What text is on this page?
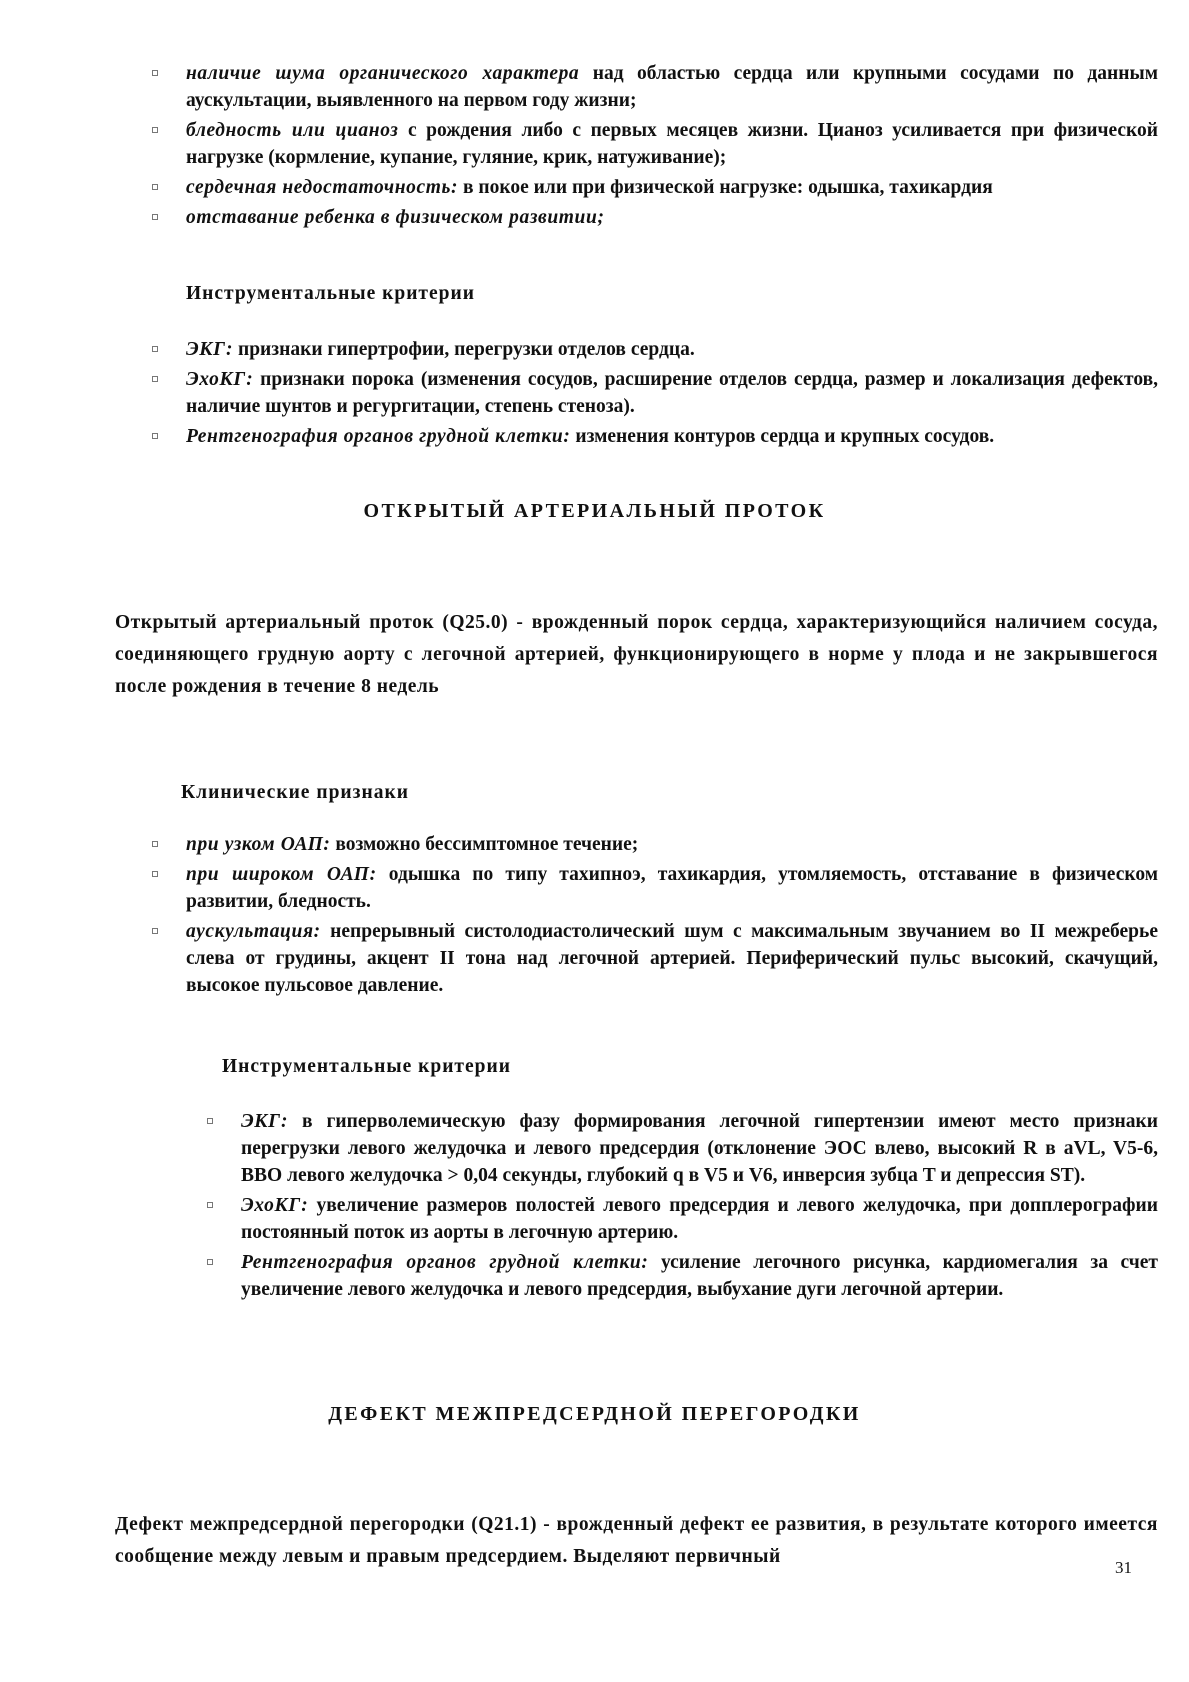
наличие шума органического характера над областью сердца или крупными сосудами по данным аускультации, выявленного на первом году жизни;
бледность или цианоз с рождения либо с первых месяцев жизни. Цианоз усиливается при физической нагрузке (кормление, купание, гуляние, крик, натуживание);
сердечная недостаточность: в покое или при физической нагрузке: одышка, тахикардия
отставание ребенка в физическом развитии;

Инструментальные критерии

ЭКГ: признаки гипертрофии, перегрузки отделов сердца.
ЭхоКГ: признаки порока (изменения сосудов, расширение отделов сердца, размер и локализация дефектов, наличие шунтов и регургитации, степень стеноза).
Рентгенография органов грудной клетки: изменения контуров сердца и крупных сосудов.
ОТКРЫТЫЙ АРТЕРИАЛЬНЫЙ ПРОТОК

Открытый артериальный проток (Q25.0) - врожденный порок сердца, характеризующийся наличием сосуда, соединяющего грудную аорту с легочной артерией, функционирующего в норме у плода и не закрывшегося после рождения в течение 8 недель

Клинические признаки

при узком ОАП: возможно бессимптомное течение;
при широком ОАП: одышка по типу тахипноэ, тахикардия, утомляемость, отставание в физическом развитии, бледность.
аускультация: непрерывный систолодиастолический шум с максимальным звучанием во II межреберье слева от грудины, акцент II тона над легочной артерией. Периферический пульс высокий, скачущий, высокое пульсовое давление.

Инструментальные критерии

ЭКГ: в гиперволемическую фазу формирования легочной гипертензии имеют место признаки перегрузки левого желудочка и левого предсердия (отклонение ЭОС влево, высокий R в aVL, V5-6, ВВО левого желудочка > 0,04 секунды, глубокий q в V5 и V6, инверсия зубца T и депрессия ST).
ЭхоКГ: увеличение размеров полостей левого предсердия и левого желудочка, при допплерографии постоянный поток из аорты в легочную артерию.
Рентгенография органов грудной клетки: усиление легочного рисунка, кардиомегалия за счет увеличение левого желудочка и левого предсердия, выбухание дуги легочной артерии.
ДЕФЕКТ МЕЖПРЕДСЕРДНОЙ ПЕРЕГОРОДКИ

Дефект межпредсердной перегородки (Q21.1) - врожденный дефект ее развития, в результате которого имеется сообщение между левым и правым предсердием. Выделяют первичный

31
